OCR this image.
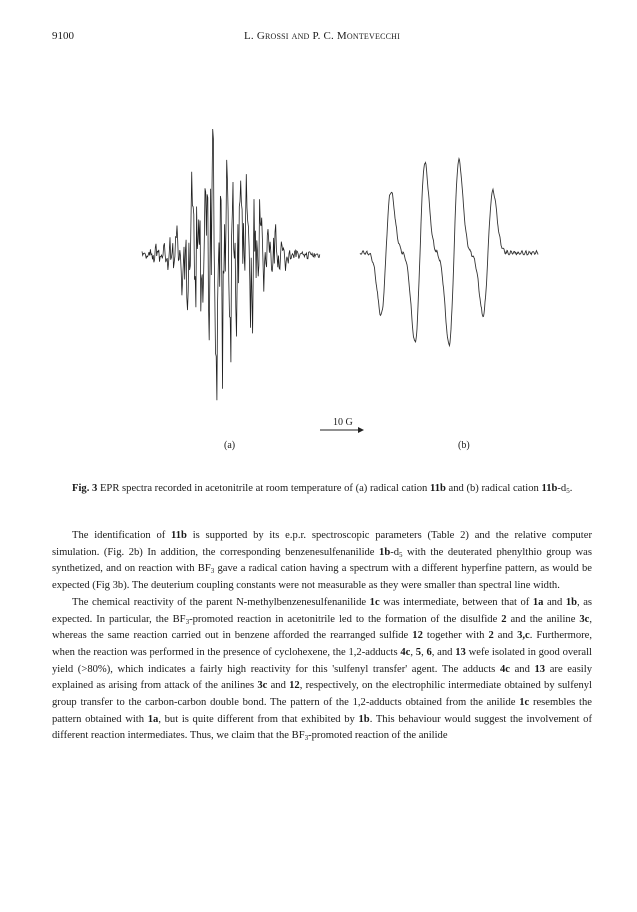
9100	L. Grossi and P. C. Montevecchi
(a)	(b)
10 G
Fig. 3 EPR spectra recorded in acetonitrile at room temperature of (a) radical cation 11b and (b) radical cation $11b-d_5$.

The identification of 11b is supported by its e.p.r. spectroscopic parameters (Table 2) and the relative computer simulation. (Fig. 2b) In addition, the corresponding benzenesulfenanilide $1b-d_5$ with the deuterated phenylthio group was synthetized, and on reaction with $BF_3$ gave a radical cation having a spectrum with a different hyperfine pattern, as would be expected (Fig 3b). The deuterium coupling constants were not measurable as they were smaller than spectral line width.

The chemical reactivity of the parent N-methylbenzenesulfenanilide 1c was intermediate, between that of 1a and 1b, as expected. In particular, the $BF_3$-promoted reaction in acetonitrile led to the formation of the disulfide 2 and the aniline 3c, whereas the same reaction carried out in benzene afforded the rearranged sulfide 12 together with 2 and 3,c. Furthermore, when the reaction was performed in the presence of cyclohexene, the 1,2-adducts 4c, 5, 6, and 13 wefe isolated in good overall yield (>80%), which indicates a fairly high reactivity for this 'sulfenyl transfer' agent. The adducts 4c and 13 are easily explained as arising from attack of the anilines 3c and 12, respectively, on the electrophilic intermediate obtained by sulfenyl group transfer to the carbon-carbon double bond. The pattern of the 1,2-adducts obtained from the anilide 1c resembles the pattern obtained with 1a, but is quite different from that exhibited by 1b. This behaviour would suggest the involvement of different reaction intermediates. Thus, we claim that the $BF_3$-promoted reaction of the anilide
